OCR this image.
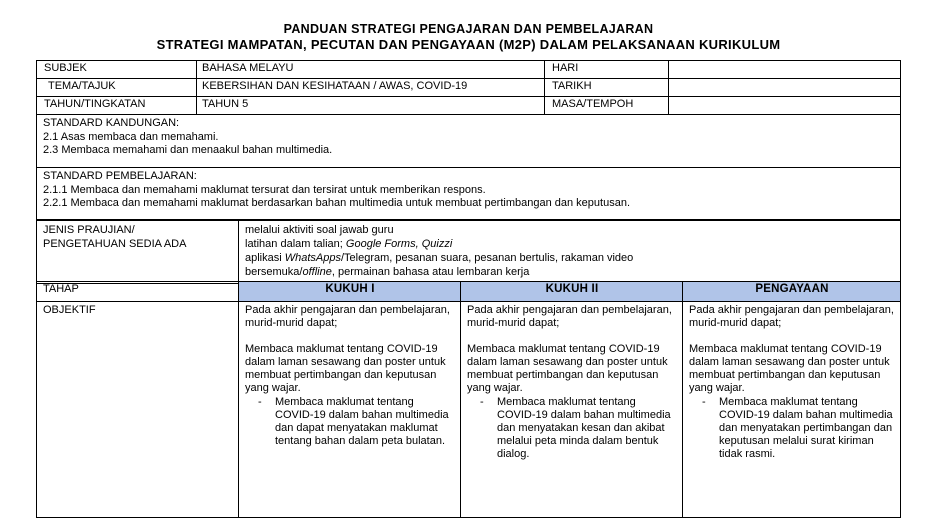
PANDUAN STRATEGI PENGAJARAN DAN PEMBELAJARAN
STRATEGI MAMPATAN, PECUTAN DAN PENGAYAAN (M2P) DALAM PELAKSANAAN KURIKULUM
SUBJEK	BAHASA MELAYU	HARI	
TEMA/TAJUK	KEBERSIHAN DAN KESIHATAAN / AWAS, COVID-19	TARIKH	
TAHUN/TINGKATAN	TAHUN 5	MASA/TEMPOH	
STANDARD KANDUNGAN:
2.1 Asas membaca dan memahami.
2.3 Membaca memahami dan menaakul bahan multimedia.

STANDARD PEMBELAJARAN:
2.1.1 Membaca dan memahami maklumat tersurat dan tersirat untuk memberikan respons.
2.2.1 Membaca dan memahami maklumat berdasarkan bahan multimedia untuk membuat pertimbangan dan keputusan.
JENIS PRAUJIAN/
PENGETAHUAN SEDIA ADA

melalui aktiviti soal jawab guru
latihan dalam talian; Google Forms, Quizzi
aplikasi WhatsApps/Telegram, pesanan suara, pesanan bertulis, rakaman video
bersemuka/offline, permainan bahasa atau lembaran kerja
TAHAP	KUKUH I	KUKUH II	PENGAYAAN
OBJEKTIF	Pada akhir pengajaran dan pembelajaran, murid-murid dapat;
Membaca maklumat tentang COVID-19 dalam laman sesawang dan poster untuk membuat pertimbangan dan keputusan yang wajar.
- Membaca maklumat tentang COVID-19 dalam bahan multimedia dan dapat menyatakan maklumat tentang bahan dalam peta bulatan.

Pada akhir pengajaran dan pembelajaran, murid-murid dapat;
Membaca maklumat tentang COVID-19 dalam laman sesawang dan poster untuk membuat pertimbangan dan keputusan yang wajar.
- Membaca maklumat tentang COVID-19 dalam bahan multimedia dan menyatakan kesan dan akibat melalui peta minda dalam bentuk dialog.

Pada akhir pengajaran dan pembelajaran, murid-murid dapat;
Membaca maklumat tentang COVID-19 dalam laman sesawang dan poster untuk membuat pertimbangan dan keputusan yang wajar.
- Membaca maklumat tentang COVID-19 dalam bahan multimedia dan menyatakan pertimbangan dan keputusan melalui surat kiriman tidak rasmi.
